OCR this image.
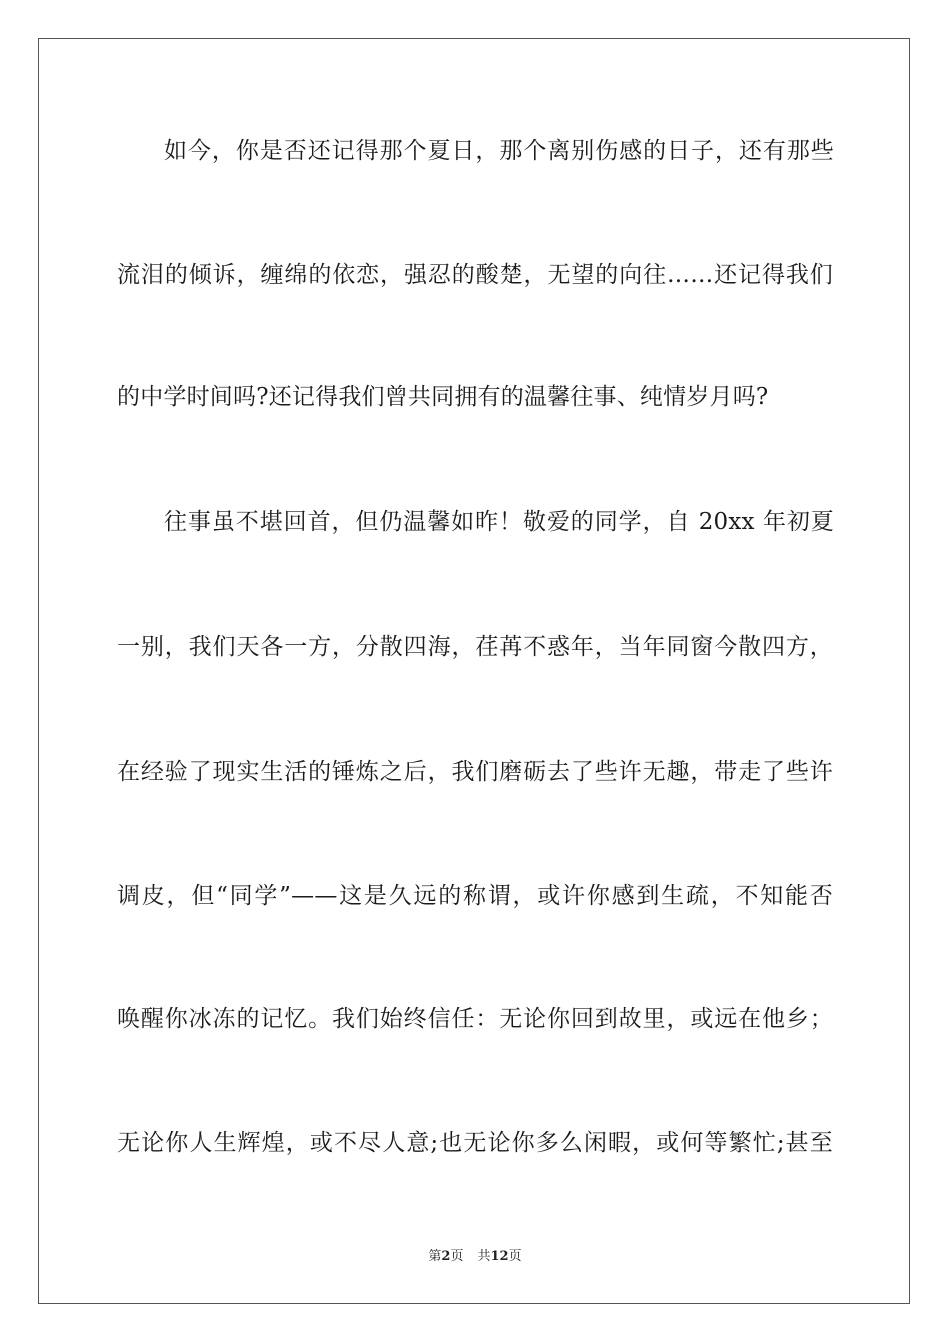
如今，你是否还记得那个夏日，那个离别伤感的日子，还有那些
流泪的倾诉，缠绵的依恋，强忍的酸楚，无望的向往……还记得我们
的中学时间吗?还记得我们曾共同拥有的温馨往事、纯情岁月吗?
往事虽不堪回首，但仍温馨如昨！敬爱的同学，自 20xx 年初夏
一别，我们天各一方，分散四海，荏苒不惑年，当年同窗今散四方，
在经验了现实生活的锤炼之后，我们磨砺去了些许无趣，带走了些许
调皮，但“同学”——这是久远的称谓，或许你感到生疏，不知能否
唤醒你冰冻的记忆。我们始终信任：无论你回到故里，或远在他乡；
无论你人生辉煌，或不尽人意;也无论你多么闲暇，或何等繁忙;甚至
第2页 共12页
